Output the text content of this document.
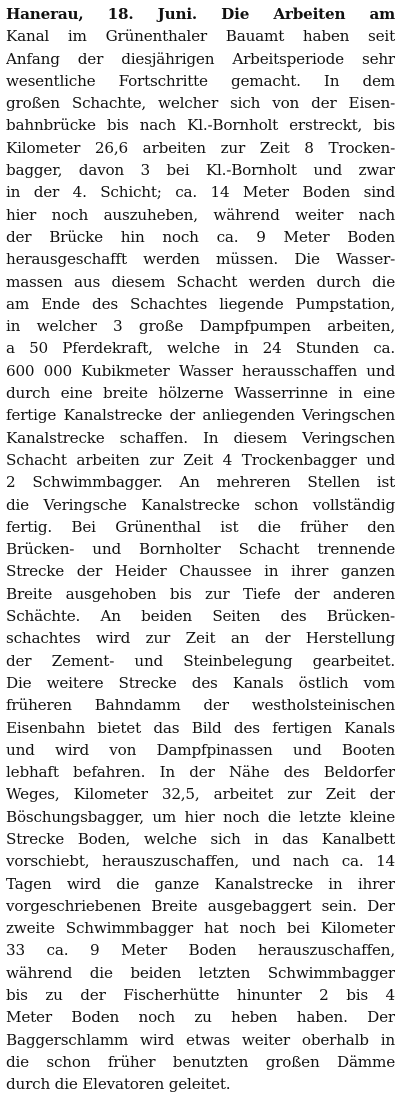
Hanerau, 18. Juni. Die Arbeiten am
Kanal im Grünenthaler Bauamt haben seit
Anfang der diesjährigen Arbeitsperiode sehr
wesentliche Fortschritte gemacht. In dem
großen Schachte, welcher sich von der Eisen-
bahnbrücke bis nach Kl.-Bornholt erstreckt, bis
Kilometer 26,6 arbeiten zur Zeit 8 Trocken-
bagger, davon 3 bei Kl.-Bornholt und zwar
in der 4. Schicht; ca. 14 Meter Boden sind
hier noch auszuheben, während weiter nach
der Brücke hin noch ca. 9 Meter Boden
herausgeschafft werden müssen. Die Wasser-
massen aus diesem Schacht werden durch die
am Ende des Schachtes liegende Pumpstation,
in welcher 3 große Dampfpumpen arbeiten,
a 50 Pferdekraft, welche in 24 Stunden ca.
600 000 Kubikmeter Wasser herausschaffen und
durch eine breite hölzerne Wasserrinne in eine
fertige Kanalstrecke der anliegenden Veringschen
Kanalstrecke schaffen. In diesem Veringschen
Schacht arbeiten zur Zeit 4 Trockenbagger und
2 Schwimmbagger. An mehreren Stellen ist
die Veringsche Kanalstrecke schon vollständig
fertig. Bei Grünenthal ist die früher den
Brücken- und Bornholter Schacht trennende
Strecke der Heider Chaussee in ihrer ganzen
Breite ausgehoben bis zur Tiefe der anderen
Schächte. An beiden Seiten des Brücken-
schachtes wird zur Zeit an der Herstellung
der Zement- und Steinbelegung gearbeitet.
Die weitere Strecke des Kanals östlich vom
früheren Bahndamm der westholsteinischen
Eisenbahn bietet das Bild des fertigen Kanals
und wird von Dampfpinassen und Booten
lebhaft befahren. In der Nähe des Beldorfer
Weges, Kilometer 32,5, arbeitet zur Zeit der
Böschungsbagger, um hier noch die letzte kleine
Strecke Boden, welche sich in das Kanalbett
vorschiebt, herauszuschaffen, und nach ca. 14
Tagen wird die ganze Kanalstrecke in ihrer
vorgeschriebenen Breite ausgebaggert sein. Der
zweite Schwimmbagger hat noch bei Kilometer
33 ca. 9 Meter Boden herauszuschaffen,
während die beiden letzten Schwimmbagger
bis zu der Fischerhütte hinunter 2 bis 4
Meter Boden noch zu heben haben. Der
Baggerschlamm wird etwas weiter oberhalb in
die schon früher benutzten großen Dämme
durch die Elevatoren geleitet.
